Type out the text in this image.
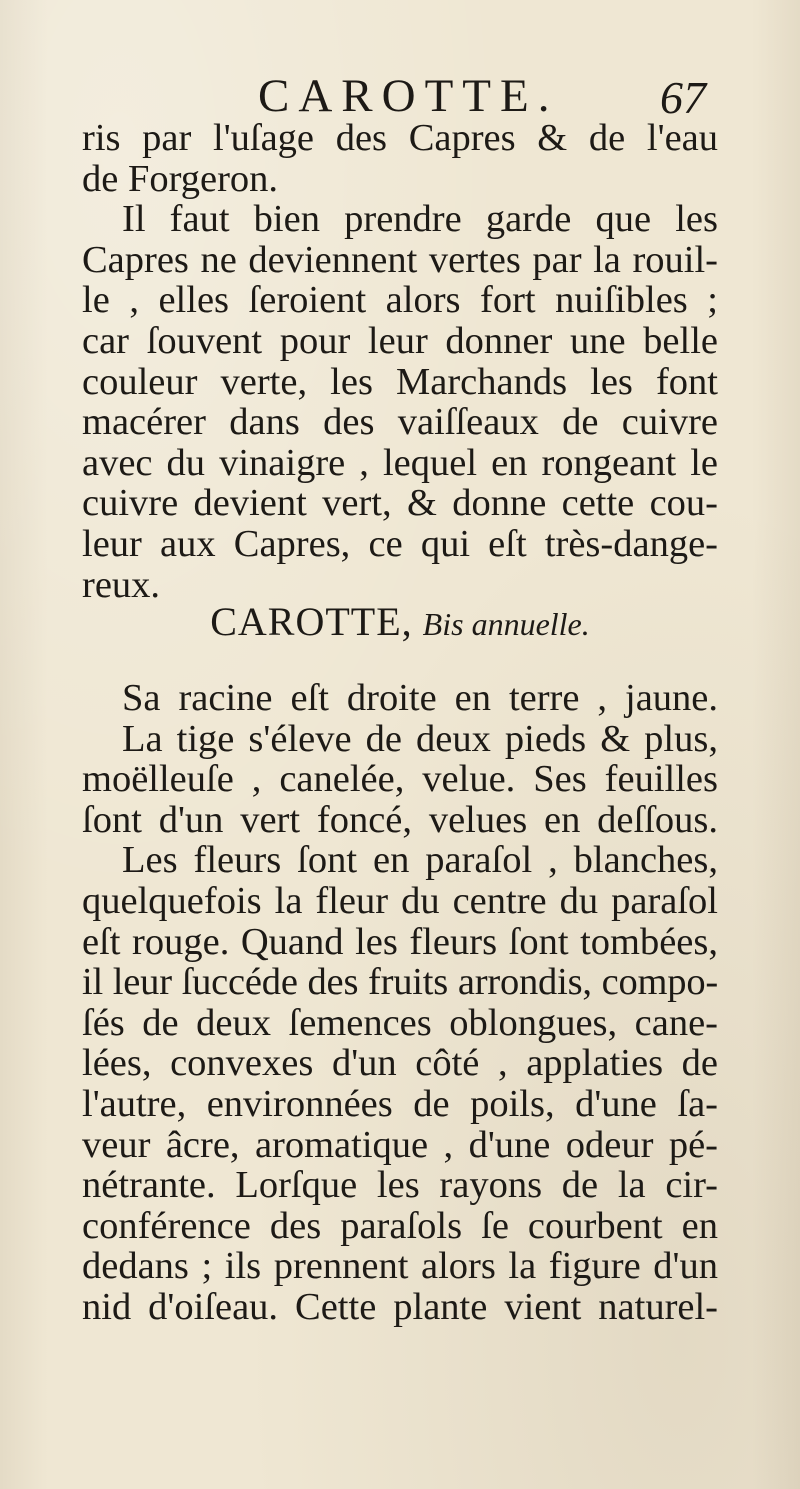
CAROTTE. 67
ris par l'uſage des Capres & de l'eau
de Forgeron.
Il faut bien prendre garde que les
Capres ne deviennent vertes par la rouil-
le , elles ſeroient alors fort nuiſibles ;
car ſouvent pour leur donner une belle
couleur verte, les Marchands les font
macérer dans des vaiſſeaux de cuivre
avec du vinaigre , lequel en rongeant le
cuivre devient vert, & donne cette cou-
leur aux Capres, ce qui eſt très-dange-
reux.
CAROTTE, Bis annuelle.
Sa racine eſt droite en terre , jaune.
La tige s'éleve de deux pieds & plus,
moëlleuſe , canelée, velue. Ses feuilles
ſont d'un vert foncé, velues en deſſous.
Les fleurs ſont en paraſol , blanches,
quelquefois la fleur du centre du paraſol
eſt rouge. Quand les fleurs ſont tombées,
il leur ſuccéde des fruits arrondis, compo-
ſés de deux ſemences oblongues, cane-
lées, convexes d'un côté , applaties de
l'autre, environnées de poils, d'une ſa-
veur âcre, aromatique , d'une odeur pé-
nétrante. Lorſque les rayons de la cir-
conférence des paraſols ſe courbent en
dedans ; ils prennent alors la figure d'un
nid d'oiſeau. Cette plante vient naturel-
